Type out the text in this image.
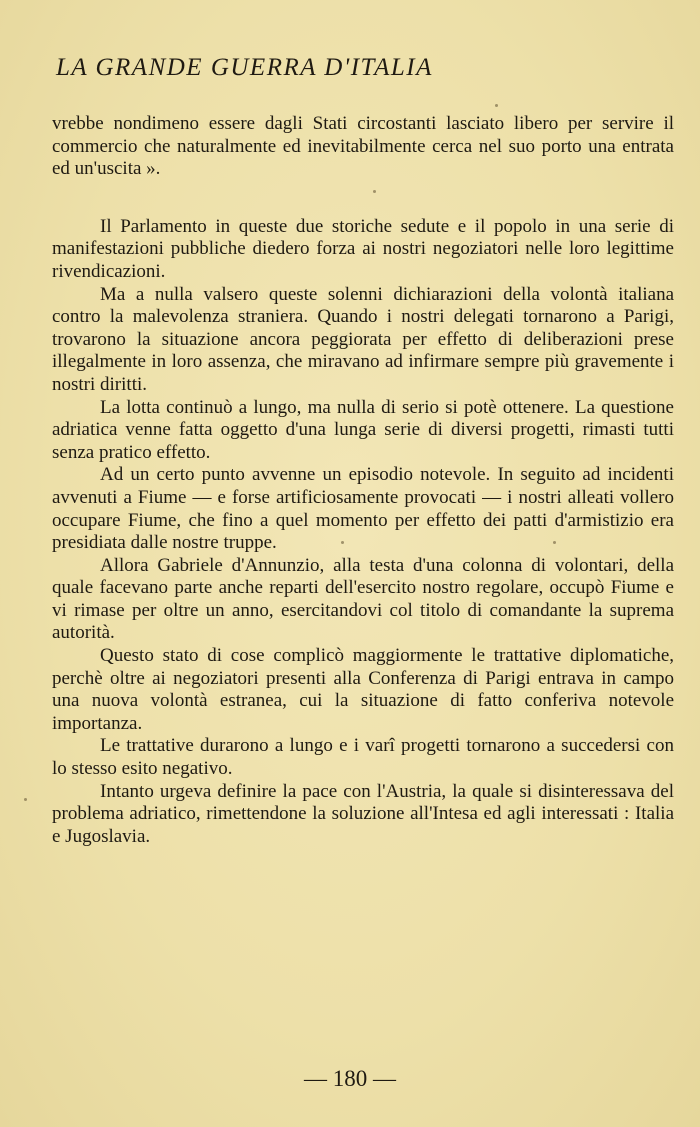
LA GRANDE GUERRA D'ITALIA

vrebbe nondimeno essere dagli Stati circostanti lasciato libero per servire il commercio che naturalmente ed inevitabilmente cerca nel suo porto una entrata ed un'uscita ».

Il Parlamento in queste due storiche sedute e il popolo in una serie di manifestazioni pubbliche diedero forza ai nostri negoziatori nelle loro legittime rivendicazioni.

Ma a nulla valsero queste solenni dichiarazioni della volontà italiana contro la malevolenza straniera. Quando i nostri delegati tornarono a Parigi, trovarono la situazione ancora peggiorata per effetto di deliberazioni prese illegalmente in loro assenza, che miravano ad infirmare sempre più gravemente i nostri diritti.

La lotta continuò a lungo, ma nulla di serio si potè ottenere. La questione adriatica venne fatta oggetto d'una lunga serie di diversi progetti, rimasti tutti senza pratico effetto.

Ad un certo punto avvenne un episodio notevole. In seguito ad incidenti avvenuti a Fiume — e forse artificiosamente provocati — i nostri alleati vollero occupare Fiume, che fino a quel momento per effetto dei patti d'armistizio era presidiata dalle nostre truppe.

Allora Gabriele d'Annunzio, alla testa d'una colonna di volontari, della quale facevano parte anche reparti dell'esercito nostro regolare, occupò Fiume e vi rimase per oltre un anno, esercitandovi col titolo di comandante la suprema autorità.

Questo stato di cose complicò maggiormente le trattative diplomatiche, perchè oltre ai negoziatori presenti alla Conferenza di Parigi entrava in campo una nuova volontà estranea, cui la situazione di fatto conferiva notevole importanza.

Le trattative durarono a lungo e i varî progetti tornarono a succedersi con lo stesso esito negativo.

Intanto urgeva definire la pace con l'Austria, la quale si disinteressava del problema adriatico, rimettendone la soluzione all'Intesa ed agli interessati : Italia e Jugoslavia.

— 180 —
